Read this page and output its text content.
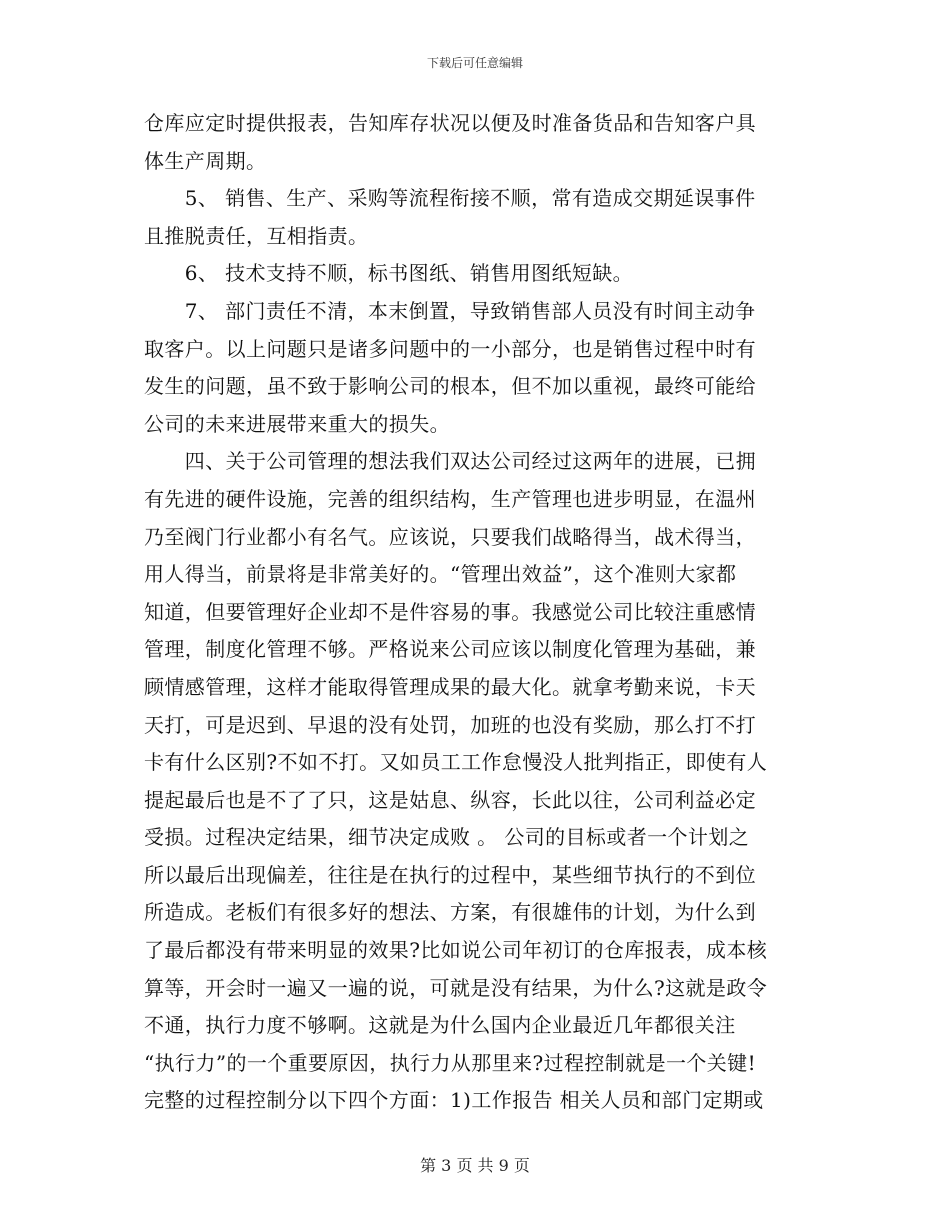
下载后可任意编辑
仓库应定时提供报表，告知库存状况以便及时准备货品和告知客户具
体生产周期。
　　5、 销售、生产、采购等流程衔接不顺，常有造成交期延误事件
且推脱责任，互相指责。
　　6、 技术支持不顺，标书图纸、销售用图纸短缺。
　　7、 部门责任不清，本末倒置，导致销售部人员没有时间主动争
取客户。以上问题只是诸多问题中的一小部分，也是销售过程中时有
发生的问题，虽不致于影响公司的根本，但不加以重视，最终可能给
公司的未来进展带来重大的损失。
　　四、关于公司管理的想法我们双达公司经过这两年的进展，已拥
有先进的硬件设施，完善的组织结构，生产管理也进步明显，在温州
乃至阀门行业都小有名气。应该说，只要我们战略得当，战术得当，
用人得当，前景将是非常美好的。“管理出效益”，这个准则大家都
知道，但要管理好企业却不是件容易的事。我感觉公司比较注重感情
管理，制度化管理不够。严格说来公司应该以制度化管理为基础，兼
顾情感管理，这样才能取得管理成果的最大化。就拿考勤来说，卡天
天打，可是迟到、早退的没有处罚，加班的也没有奖励，那么打不打
卡有什么区别?不如不打。又如员工工作怠慢没人批判指正，即使有人
提起最后也是不了了只，这是姑息、纵容，长此以往，公司利益必定
受损。过程决定结果，细节决定成败 。 公司的目标或者一个计划之
所以最后出现偏差，往往是在执行的过程中，某些细节执行的不到位
所造成。老板们有很多好的想法、方案，有很雄伟的计划，为什么到
了最后都没有带来明显的效果?比如说公司年初订的仓库报表，成本核
算等，开会时一遍又一遍的说，可就是没有结果，为什么?这就是政令
不通，执行力度不够啊。这就是为什么国内企业最近几年都很关注
“执行力”的一个重要原因，执行力从那里来?过程控制就是一个关键!
完整的过程控制分以下四个方面：1)工作报告 相关人员和部门定期或
第 3 页 共 9 页
